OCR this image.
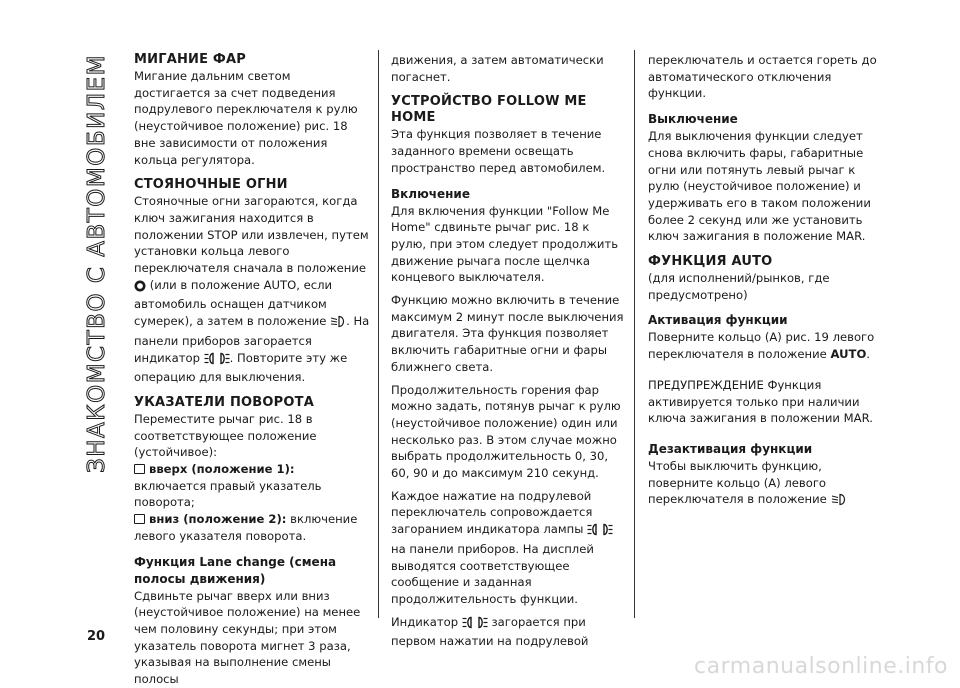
ЗНАКОМСТВО С АВТОМОБИЛЕМ МИГАНИЕ ФАР

Мигание дальним светом достигается за счет подведения подрулевого переключателя к рулю (неустойчивое положение) рис. 18 вне зависимости от положения кольца регулятора.

СТОЯНОЧНЫЕ ОГНИ

Стояночные огни загораются, когда ключ зажигания находится в положении STOP или извлечен, путем установки кольца левого переключателя сначала в положение  (или в положение AUTO, если автомобиль оснащен датчиком сумерек), а затем в положение . На панели приборов загорается индикатор	. Повторите эту же операцию для выключения.

УКАЗАТЕЛИ ПОВОРОТА

Переместите рычаг рис. 18 в соответствующее положение (устойчивое):

вверх (положение 1): включается правый указатель поворота;

вниз (положение 2): включение левого указателя поворота.

Функция Lane change (смена полосы движения)

Сдвиньте рычаг вверх или вниз (неустойчивое положение) на менее чем половину секунды; при этом указатель поворота мигнет 3 раза, указывая на выполнение смены полосы

движения, а затем автоматически погаснет.

УСТРОЙСТВО FOLLOW ME HOME

Эта функция позволяет в течение заданного времени освещать пространство перед автомобилем.

Включение

Для включения функции "Follow Me Home" сдвиньте рычаг рис. 18 к рулю, при этом следует продолжить движение рычага после щелчка концевого выключателя.

Функцию можно включить в течение максимум 2 минут после выключения двигателя. Эта функция позволяет включить габаритные огни и фары ближнего света.

Продолжительность горения фар можно задать, потянув рычаг к рулю (неустойчивое положение) один или несколько раз. В этом случае можно выбрать продолжительность 0, 30, 60, 90 и до максимум 210 секунд.

Каждое нажатие на подрулевой переключатель сопровождается загоранием индикатора лампы  на панели приборов. На дисплей выводятся соответствующее сообщение и заданная продолжительность функции.

Индикатор	загорается при первом нажатии на подрулевой

переключатель и остается гореть до автоматического отключения функции.

Выключение

Для выключения функции следует снова включить фары, габаритные огни или потянуть левый рычаг к рулю (неустойчивое положение) и удерживать его в таком положении более 2 секунд или же установить ключ зажигания в положение MAR.

ФУНКЦИЯ AUTO

(для исполнений/рынков, где предусмотрено)

Активация функции

Поверните кольцо (A) рис. 19 левого переключателя в положение AUTO.

ПРЕДУПРЕЖДЕНИЕ Функция активируется только при наличии ключа зажигания в положении MAR.

Дезактивация функции

Чтобы выключить функцию, поверните кольцо (A) левого переключателя в положение

20
carmanualsonline.info
